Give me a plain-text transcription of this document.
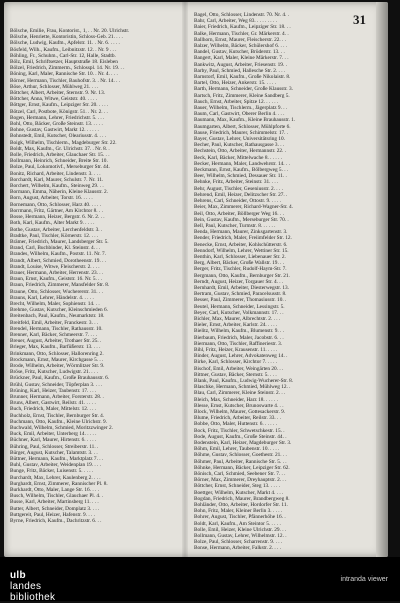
31

Bölsche, Emilie, Frau, Kontorist., 1, . . Nr. 20. Ulrichstr.

Bölsche, Henriette, Kontoristin, Schloss-Geb. 21. . . .

Bölsche, Ludwig, Kaufm., Apfelstr. 11. . Nr. 6. . . . .

Bösfeld, Wilh., Kaufm., Leibnitzstr. 12. . Nr. 9 . . .

Böhling, Fr., Schuhm., Carl-Str. 12, Halle, Stadtb.

Bölz, Emil, Schriftsetzer, Hauptstraße 18. Eisleben

Bölzel, Friedrich, Zimmerm., Schlosspl. 14. Nr. 19. . .

Böning, Karl, Maler, Rannische Str. 10. . Nr. 4. . . .

Börner, Hermann, Tischler, Bauhofstr. 3. . Nr. 14. . .

Böse, Arthur, Schlosser, Mühlweg 21. . . .

Böttcher, Albert, Arbeiter, Sternstr. 9. Nr. 13.

Böttcher, Anna, Witwe, Geiststr. 40. . . . .

Böttger, Ernst, Kaufm., Leipziger Str. 20. . . . .

Bötzel, Carl, Postbote, Königstr. 51. . Nr. 2. . .

Bogen, Hermann, Lehrer, Friedrichstr. 5. . . .

Bohl, Otto, Bäcker, Große Steinstr. 13. . . . .

Bohne, Gustav, Gastwirt, Markt 12. . . . . .

Bohnstedt, Emil, Kutscher, Oleariusstr. 4. . . .

Boigk, Wilhelm, Tischlerm., Magdeburger Str. 22.

Boldt, Max, Kaufm., Gr. Ulrichstr. 37. . Nr. 8. .

Bolle, Friedrich, Arbeiter, Glauchaer Str. 15. . .

Bollmann, Heinrich, Schneider, Breite Str. 10.

Bolze, Paul, Lokomotivf., Merseburger Str. 44.

Bonitz, Richard, Arbeiter, Lindenstr. 3. . . .

Borchardt, Karl, Maurer, Schulstr. 7. Nr. 11.

Borchert, Wilhelm, Kaufm., Steinweg 29. . .

Bormann, Emma, Näherin, Kleine Klausstr. 2.

Born, August, Arbeiter, Torstr. 16. . . . .

Bornemann, Otto, Schlosser, Harz 40. . . . .

Borrmann, Fritz, Gärtner, Am Kirchtor 8. . .

Bosse, Hermann, Heizer, Bergstr. 6. Nr. 2. . .

Both, Karl, Kaufm., Alter Markt 9. . . . .

Bothe, Gustav, Arbeiter, Lerchenfeldstr. 3. .

Bradtke, Paul, Tischler, Körnerstr. 12. . . .

Brämer, Friedrich, Maurer, Landsberger Str. 5.

Brand, Carl, Buchbinder, Kl. Steinstr. 4. . .

Brandes, Wilhelm, Kaufm., Poststr. 11. Nr. 7.

Brandt, Albert, Schmied, Dorotheenstr. 19. . .

Brandt, Louise, Witwe, Fleischerstr. 2. . . .

Brauer, Hermann, Arbeiter, Herrenstr. 23. . .

Braun, Ernst, Kaufm., Geiststr. 16. Nr. 5. . .

Braun, Friedrich, Zimmerer, Mansfelder Str. 8.

Braune, Otto, Schlosser, Wuchererstr. 31. . .

Brauns, Karl, Lehrer, Händelstr. 4. . . . .

Brecht, Wilhelm, Maler, Sophienstr. 14. . .

Brehme, Gustav, Kutscher, Kleinschmieden 6.

Breitenbach, Paul, Kaufm., Neumarktstr. 18.

Breitfeld, Emil, Arbeiter, Franckestr. 3. . .

Brendel, Hermann, Tischler, Rathausstr. 10.

Brenner, Karl, Bäcker, Schmeerstr. 7. . . .

Breuer, August, Arbeiter, Trothaer Str. 25. .

Brieger, Max, Kaufm., Barfüßerstr. 13. . . .

Brinkmann, Otto, Schlosser, Hallorenring 2.

Brockmann, Ernst, Maurer, Kirchgasse 5. . .

Brode, Wilhelm, Arbeiter, Wörmlitzer Str. 9.

Bröse, Fritz, Kutscher, Ludwigstr. 21. . . .

Brückner, Paul, Kaufm., Große Brauhausstr. 6.

Brühl, Gustav, Schneider, Töpferplan 3. . . .

Brüning, Karl, Heizer, Taubenstr. 17. . . .

Brunner, Hermann, Arbeiter, Forsterstr. 28. .

Bruns, Albert, Gastwirt, Reilstr. 41. . . . .

Buch, Friedrich, Maler, Mittelstr. 12. . . .

Buchholz, Ernst, Tischler, Bernburger Str. 4.

Buchmann, Otto, Kaufm., Kleine Ulrichstr. 9.

Buchwald, Wilhelm, Schmied, Moritzzwinger 2.

Buck, Emil, Arbeiter, Unterberg 14. . . . .

Büchner, Karl, Maurer, Hirtenstr. 6. . . . .

Bühring, Paul, Schlosser, Streiberstr. 11. .

Bürger, August, Kutscher, Talamtstr. 3. . .

Büttner, Hermann, Kaufm., Marktplatz 7. . .

Buhl, Gustav, Arbeiter, Weidenplan 19. . . .

Bunge, Fritz, Bäcker, Luisenstr. 5. . . . .

Burchardt, Max, Lehrer, Kaulenberg 2. . . .

Burghardt, Ernst, Zimmerer, Rannischer Pl. 8.

Burkhardt, Otto, Maler, Lange Str. 16. . . .

Busch, Wilhelm, Tischler, Glauchaer Pl. 4. .

Busse, Karl, Arbeiter, Martinsberg 11. . . .

Butter, Albert, Schneider, Domplatz 3. . . .

Buttgereit, Paul, Heizer, Hafenstr. 9. . . .

Byrne, Friedrich, Kaufm., Dachritzstr. 6. . .

Bagel, Otto, Schlosser, Lindenstr. 70. Nr. 4. .

Bahr, Carl, Arbeiter, Weg 83. . . . . . . . .

Baier, Friedrich, Kaufm., Leipziger Str. 18. . .

Balke, Hermann, Tischler, Gr. Märkerstr. 4. .

Ballhorn, Ernst, Maurer, Fleischerstr. 22. . .

Balzer, Wilhelm, Bäcker, Schülershof 6. . . .

Bandel, Gustav, Kutscher, Brüderstr. 13. . .

Bangert, Karl, Maler, Kleine Märkerstr. 7. . .

Bankwitz, August, Arbeiter, Friesenstr. 19. .

Barby, Paul, Schmied, Hallesche Str. 2. . . .

Barnstorf, Emil, Kaufm., Große Nikolaistr. 8.

Bartel, Otto, Heizer, Ankerstr. 15. . . . .

Barth, Hermann, Schneider, Große Klausstr. 3.

Bartsch, Fritz, Zimmerer, Kleine Sandberg 5.

Bauch, Ernst, Arbeiter, Spitze 12. . . . . .

Bauer, Wilhelm, Tischlerm., Jägerplatz 9. . .

Baum, Carl, Gastwirt, Oberer Berlin 4. . . .

Baumann, Max, Kaufm., Kleine Brauhausstr. 1.

Baumgarten, Albert, Schlosser, Mühlpforte 6.

Bause, Friedrich, Maurer, Schimmelstr. 17. .

Bayer, Gustav, Lehrer, Universitätsring 10.

Becher, Paul, Kutscher, Rathausgasse 3. . .

Bechstein, Otto, Arbeiter, Hermannstr. 22. .

Beck, Karl, Bäcker, Mittelwache 8. . . . . .

Becker, Hermann, Maler, Landwehrstr. 14. . .

Beckmann, Ernst, Kaufm., Bölbergweg 5. . .

Beer, Wilhelm, Schmied, Dessauer Str. 11. .

Behnke, Fritz, Arbeiter, Steinstr. 31. . . .

Behr, August, Tischler, Geseniusstr. 2. . . .

Behrend, Emil, Heizer, Delitzscher Str. 27. .

Behrens, Carl, Schneider, Ottostr. 9. . . . .

Beier, Max, Zimmerer, Richard-Wagner-Str. 4.

Beil, Otto, Arbeiter, Böllberger Weg 16. . .

Bein, Gustav, Kaufm., Merseburger Str. 70. .

Bell, Paul, Kutscher, Turmstr. 8. . . . . .

Benda, Hermann, Maurer, Zinksgartenstr. 3.

Bender, Friedrich, Maler, Freiimfelder Str. 12.

Benecke, Ernst, Arbeiter, Kohlschütterstr. 6.

Benndorf, Wilhelm, Lehrer, Wettiner Str. 15.

Benthin, Karl, Schlosser, Liebenauer Str. 2.

Berg, Albert, Bäcker, Große Wallstr. 19. . .

Berger, Fritz, Tischler, Rudolf-Haym-Str. 7.

Bergmann, Otto, Kaufm., Bernburger Str. 21.

Berndt, August, Heizer, Torgauer Str. 4. . .

Bernhardt, Emil, Arbeiter, Diesterwegstr. 13.

Bertram, Gustav, Schmied, Paracelsusstr. 8.

Besser, Paul, Zimmerer, Thomasiusstr. 10. .

Beutel, Hermann, Schneider, Lessingstr. 5.

Beyer, Carl, Kutscher, Volkmannstr. 17. . .

Bichler, Max, Maurer, Albrechtstr. 2. . . .

Bieler, Ernst, Arbeiter, Karlstr. 24. . . . .

Bielitz, Wilhelm, Kaufm., Blumenstr. 9. . .

Bierbaum, Friedrich, Maler, Jacobstr. 6. . .

Biermann, Otto, Tischler, Raffineriestr. 3.

Bihl, Fritz, Heizer, Krausenstr. 11. . . . .

Binder, August, Lehrer, Advokatenweg 14. .

Birke, Karl, Schlosser, Kirchtor 7. . . . .

Bischof, Emil, Arbeiter, Weingärten 20. . .

Bittner, Gustav, Bäcker, Sternstr. 5. . . .

Blank, Paul, Kaufm., Ludwig-Wucherer-Str. 8.

Blaschke, Hermann, Schmied, Mühlweg 12. .

Blau, Carl, Zimmerer, Kleine Steinstr. 2. . .

Bleich, Max, Schneider, Harz 18. . . . . .

Blesse, Ernst, Kutscher, Brunoswarte 4. . .

Block, Wilhelm, Maurer, Gottesackerstr. 9.

Blume, Friedrich, Arbeiter, Reilstr. 33. . .

Bobbe, Otto, Maler, Huttenstr. 6. . . . . .

Bock, Fritz, Tischler, Schwetschkestr. 15. .

Bode, August, Kaufm., Große Steinstr. 44. .

Bodenstein, Karl, Heizer, Magdeburger Str. 3.

Böhm, Emil, Lehrer, Taubenstr. 10. . . . .

Böhme, Gustav, Schlosser, Goethestr. 21. . .

Böhmer, Paul, Arbeiter, Rannische Str. 5. . .

Böhnke, Hermann, Bäcker, Leipziger Str. 62.

Bönisch, Carl, Schmied, Seebener Str. 7. . .

Börner, Max, Zimmerer, Dreyhauptstr. 2. . .

Böttcher, Ernst, Schneider, Steg 13. . . . .

Boettger, Wilhelm, Kutscher, Markt 4. . . .

Bogdan, Friedrich, Maurer, Brandbergweg 8.

Bohländer, Otto, Arbeiter, Hordorfer Str. 11.

Bohn, Fritz, Maler, Kleiner Berlin 3. . . . .

Bohrer, August, Tischler, Pfännerhöhe 16. .

Boldt, Karl, Kaufm., Am Steintor 5. . . . .

Bolle, Emil, Heizer, Kleine Ulrichstr. 29. . .

Bollmann, Gustav, Lehrer, Wilhelmstr. 12. .

Bolze, Paul, Schlosser, Scharrenstr. 9. . . .

Bonse, Hermann, Arbeiter, Falkstr. 2. . . .

ulb
landes
bibliothek
intranda viewer
